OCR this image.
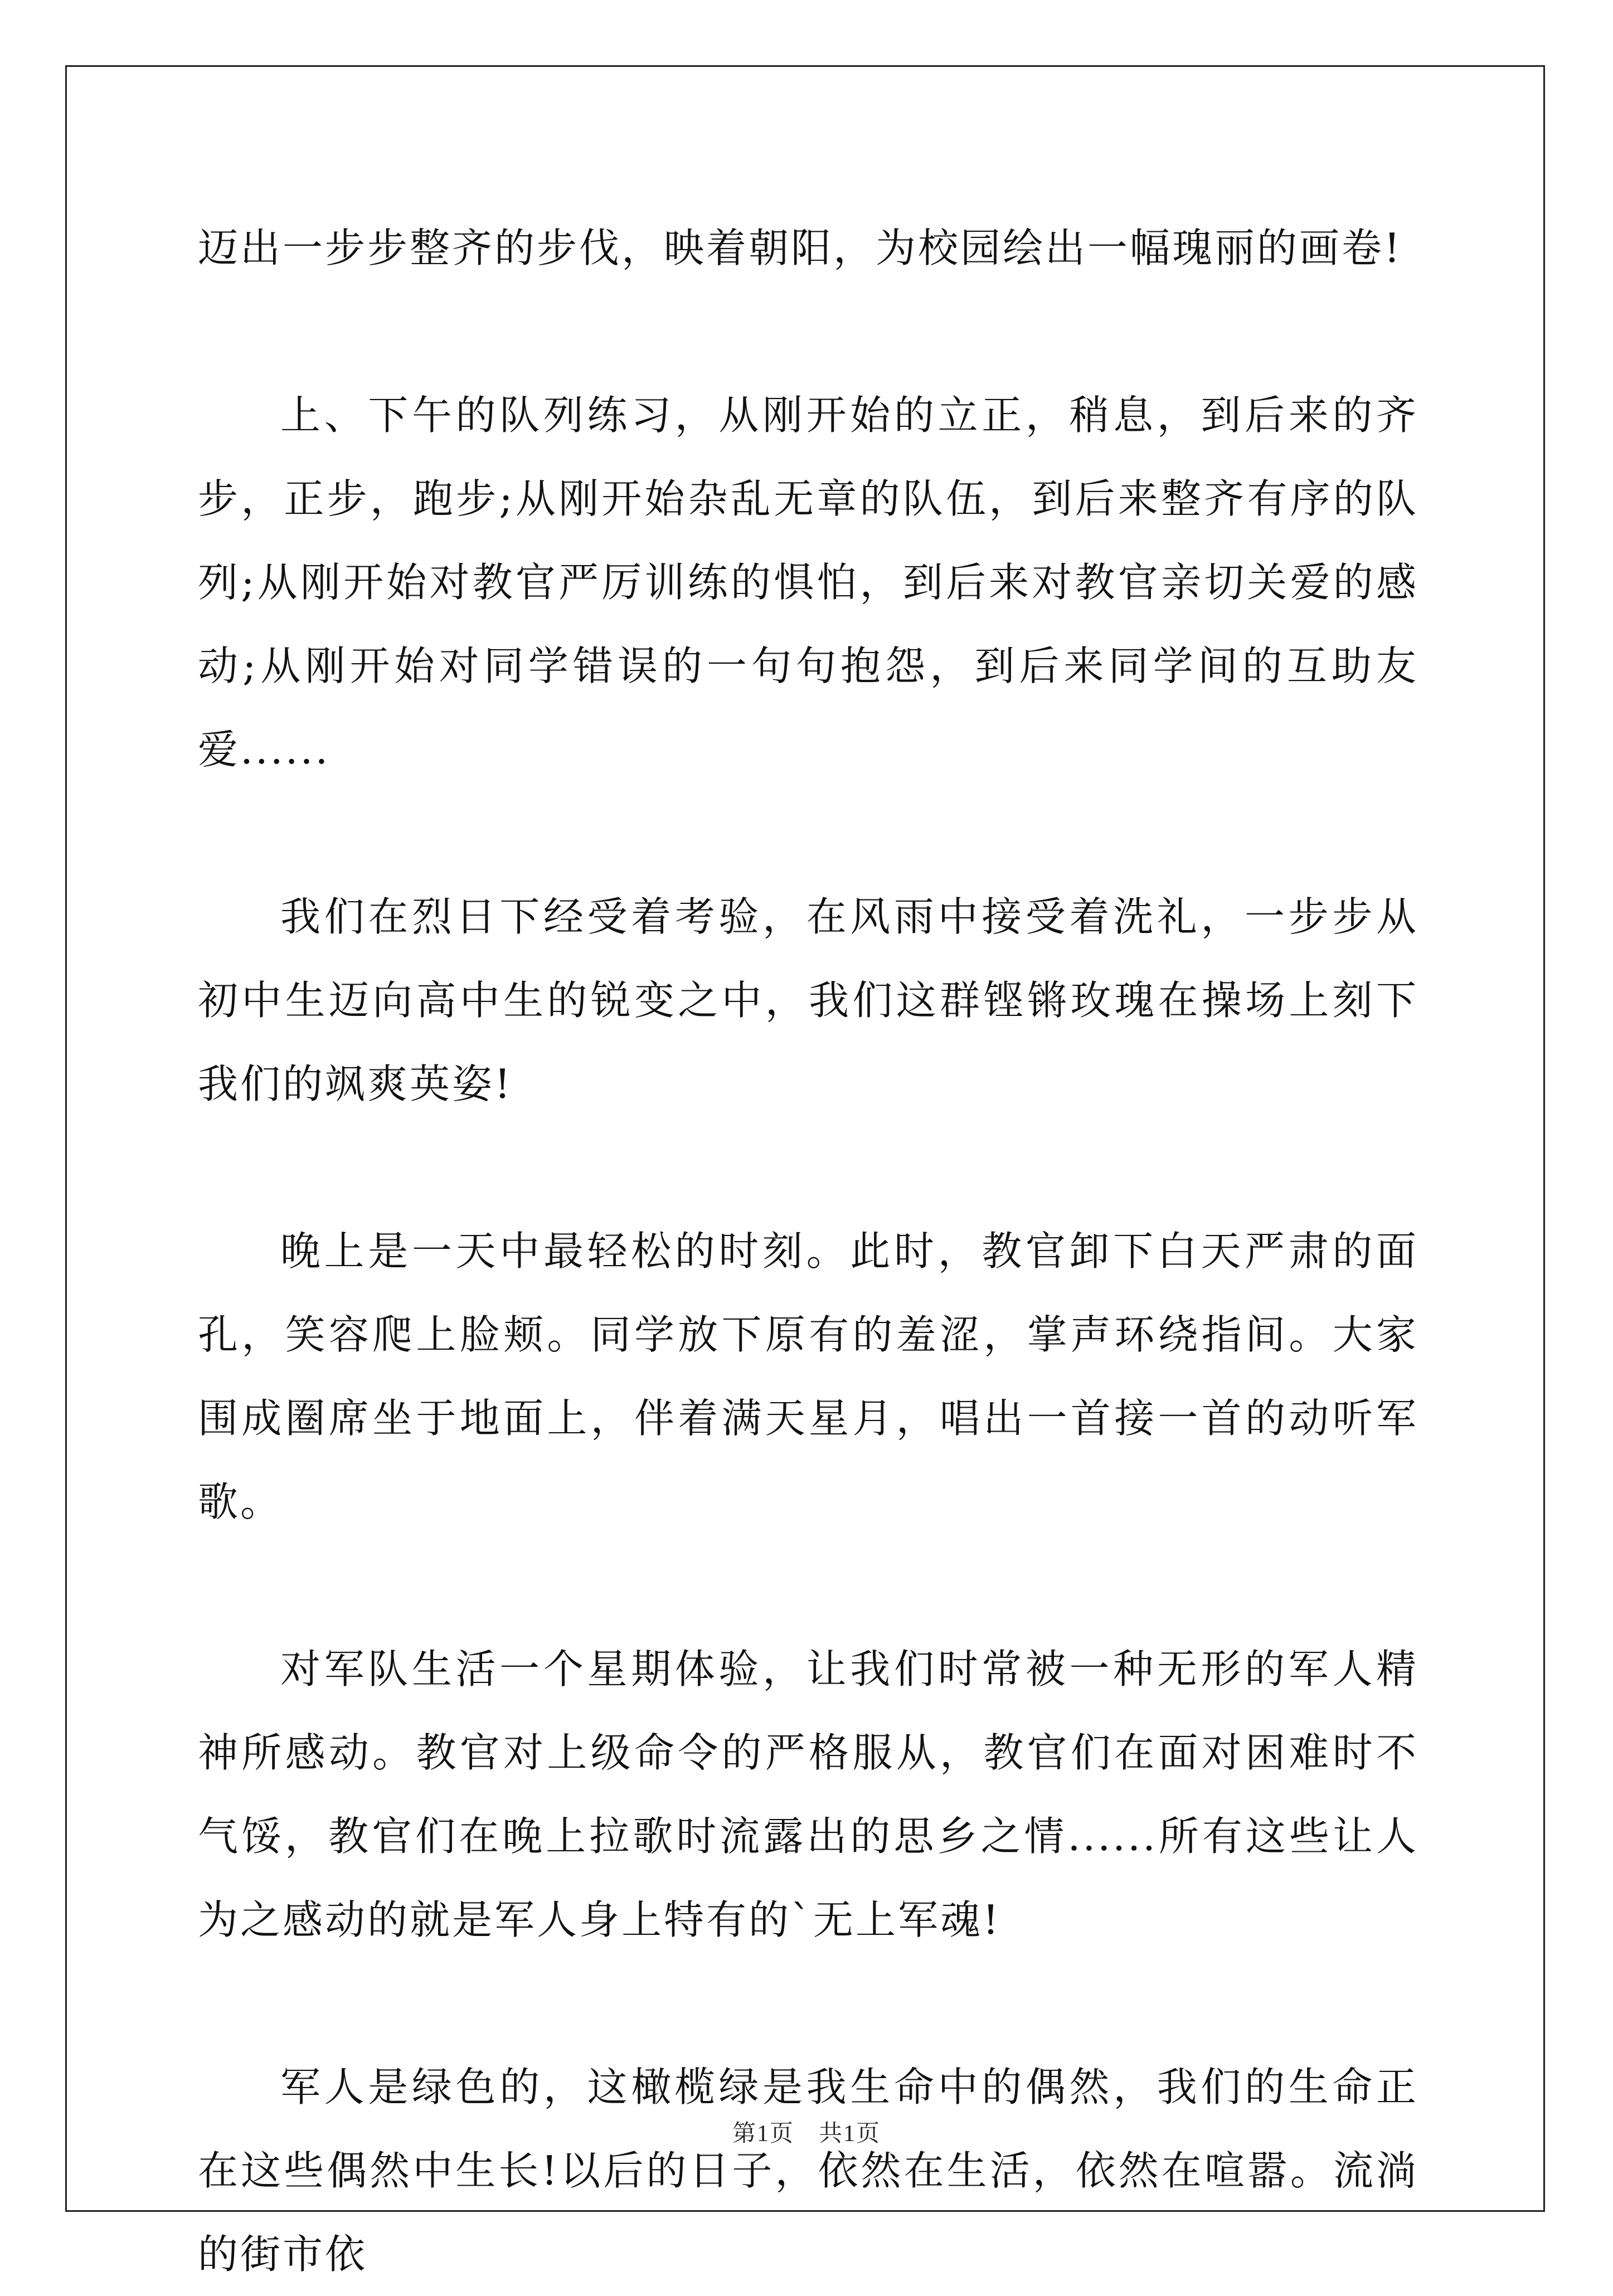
迈出一步步整齐的步伐，映着朝阳，为校园绘出一幅瑰丽的画卷!

上、下午的队列练习，从刚开始的立正，稍息，到后来的齐步，正步，跑步;从刚开始杂乱无章的队伍，到后来整齐有序的队列;从刚开始对教官严厉训练的惧怕，到后来对教官亲切关爱的感动;从刚开始对同学错误的一句句抱怨，到后来同学间的互助友爱......

我们在烈日下经受着考验，在风雨中接受着洗礼，一步步从初中生迈向高中生的锐变之中，我们这群铿锵玫瑰在操场上刻下我们的飒爽英姿!

晚上是一天中最轻松的时刻。此时，教官卸下白天严肃的面孔，笑容爬上脸颊。同学放下原有的羞涩，掌声环绕指间。大家围成圈席坐于地面上，伴着满天星月，唱出一首接一首的动听军歌。

对军队生活一个星期体验，让我们时常被一种无形的军人精神所感动。教官对上级命令的严格服从，教官们在面对困难时不气馁，教官们在晚上拉歌时流露出的思乡之情......所有这些让人为之感动的就是军人身上特有的`无上军魂!

军人是绿色的，这橄榄绿是我生命中的偶然，我们的生命正在这些偶然中生长!以后的日子，依然在生活，依然在喧嚣。流淌的街市依

第1页 共1页
